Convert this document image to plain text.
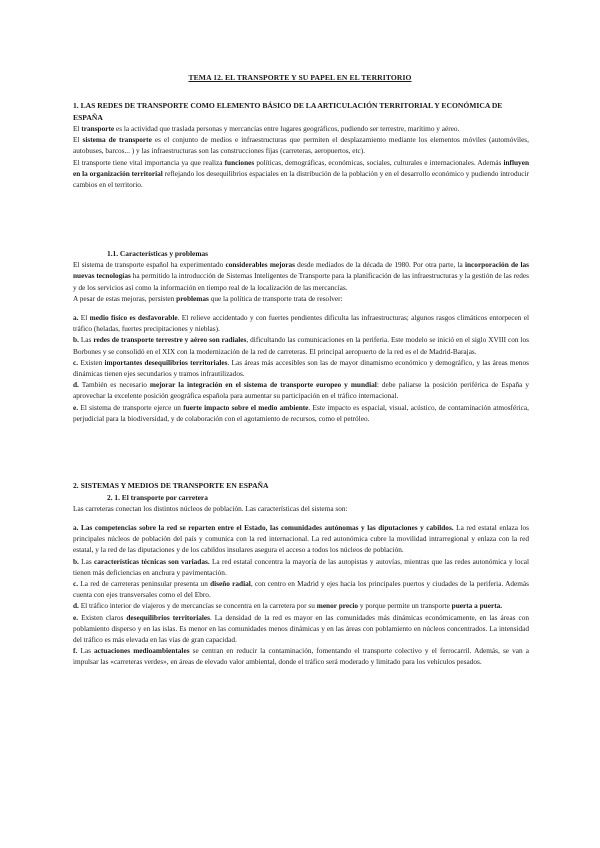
TEMA 12. EL TRANSPORTE Y SU PAPEL EN EL TERRITORIO
1. LAS REDES DE TRANSPORTE COMO ELEMENTO BÁSICO DE LA ARTICULACIÓN TERRITORIAL Y ECONÓMICA DE ESPAÑA

El transporte es la actividad que traslada personas y mercancías entre lugares geográficos, pudiendo ser terrestre, marítimo y aéreo.

El sistema de transporte es el conjunto de medios e infraestructuras que permiten el desplazamiento mediante los elementos móviles (automóviles, autobuses, barcos... ) y las infraestructuras son las construcciones fijas (carreteras, aeropuertos, etc).

El transporte tiene vital importancia ya que realiza funciones políticas, demográficas, económicas, sociales, culturales e internacionales. Además influyen en la organización territorial reflejando los desequilibrios espaciales en la distribución de la población y en el desarrollo económico y pudiendo introducir cambios en el territorio.

1.1. Características y problemas

El sistema de transporte español ha experimentado considerables mejoras desde mediados de la década de 1980. Por otra parte, la incorporación de las nuevas tecnologías ha permitido la introducción de Sistemas Inteligentes de Transporte para la planificación de las infraestructuras y la gestión de las redes y de los servicios así como la información en tiempo real de la localización de las mercancías.

A pesar de estas mejoras, persisten problemas que la política de transporte trata de resolver:

a. El medio físico es desfavorable. El relieve accidentado y con fuertes pendientes dificulta las infraestructuras; algunos rasgos climáticos entorpecen el tráfico (heladas, fuertes precipitaciones y nieblas).

b. Las redes de transporte terrestre y aéreo son radiales, dificultando las comunicaciones en la periferia. Este modelo se inició en el siglo XVIII con los Borbones y se consolidó en el XIX con la modernización de la red de carreteras. El principal aeropuerto de la red es el de Madrid-Barajas.

c. Existen importantes desequilibrios territoriales. Las áreas más accesibles son las de mayor dinamismo económico y demográfico, y las áreas menos dinámicas tienen ejes secundarios y tramos infrautilizados.

d. También es necesario mejorar la integración en el sistema de transporte europeo y mundial: debe paliarse la posición periférica de España y aprovechar la excelente posición geográfica española para aumentar su participación en el tráfico internacional.

e. El sistema de transporte ejerce un fuerte impacto sobre el medio ambiente. Este impacto es espacial, visual, acústico, de contaminación atmosférica, perjudicial para la biodiversidad, y de colaboración con el agotamiento de recursos, como el petróleo.

2. SISTEMAS Y MEDIOS DE TRANSPORTE EN ESPAÑA
2. 1. El transporte por carretera

Las carreteras conectan los distintos núcleos de población. Las características del sistema son:

a. Las competencias sobre la red se reparten entre el Estado, las comunidades autónomas y las diputaciones y cabildos. La red estatal enlaza los principales núcleos de población del país y comunica con la red internacional. La red autonómica cubre la movilidad intrarregional y enlaza con la red estatal, y la red de las diputaciones y de los cabildos insulares asegura el acceso a todos los núcleos de población.

b. Las características técnicas son variadas. La red estatal concentra la mayoría de las autopistas y autovías, mientras que las redes autonómica y local tienen más deficiencias en anchura y pavimentación.

c. La red de carreteras peninsular presenta un diseño radial, con centro en Madrid y ejes hacia los principales puertos y ciudades de la periferia. Además cuenta con ejes transversales como el del Ebro.

d. El tráfico interior de viajeros y de mercancías se concentra en la carretera por su menor precio y porque permite un transporte puerta a puerta.

e. Existen claros desequilibrios territoriales. La densidad de la red es mayor en las comunidades más dinámicas económicamente, en las áreas con poblamiento disperso y en las islas. Es menor en las comunidades menos dinámicas y en las áreas con poblamiento en núcleos concentrados. La intensidad del tráfico es más elevada en las vías de gran capacidad.

f. Las actuaciones medioambientales se centran en reducir la contaminación, fomentando el transporte colectivo y el ferrocarril. Además, se van a impulsar las «carreteras verdes», en áreas de elevado valor ambiental, donde el tráfico será moderado y limitado para los vehículos pesados.
